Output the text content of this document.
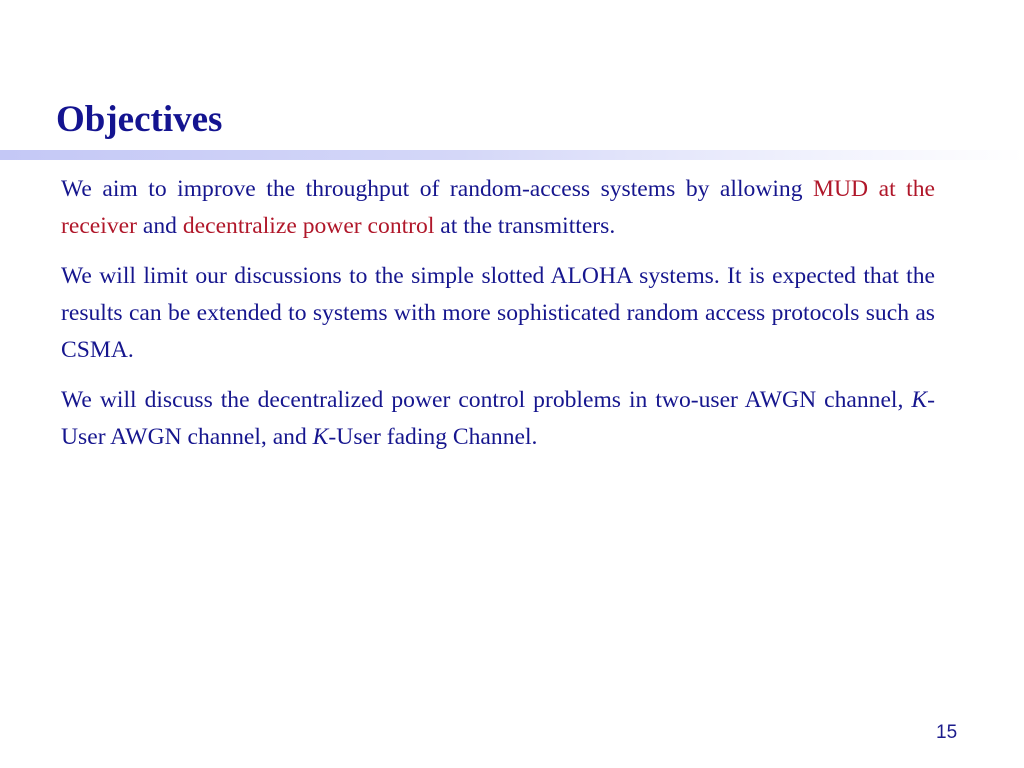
Objectives

We aim to improve the throughput of random-access systems by allowing MUD at the receiver and decentralize power control at the transmitters.

We will limit our discussions to the simple slotted ALOHA systems. It is expected that the results can be extended to systems with more sophisticated random access protocols such as CSMA.

We will discuss the decentralized power control problems in two-user AWGN channel, K-User AWGN channel, and K-User fading Channel.

15
